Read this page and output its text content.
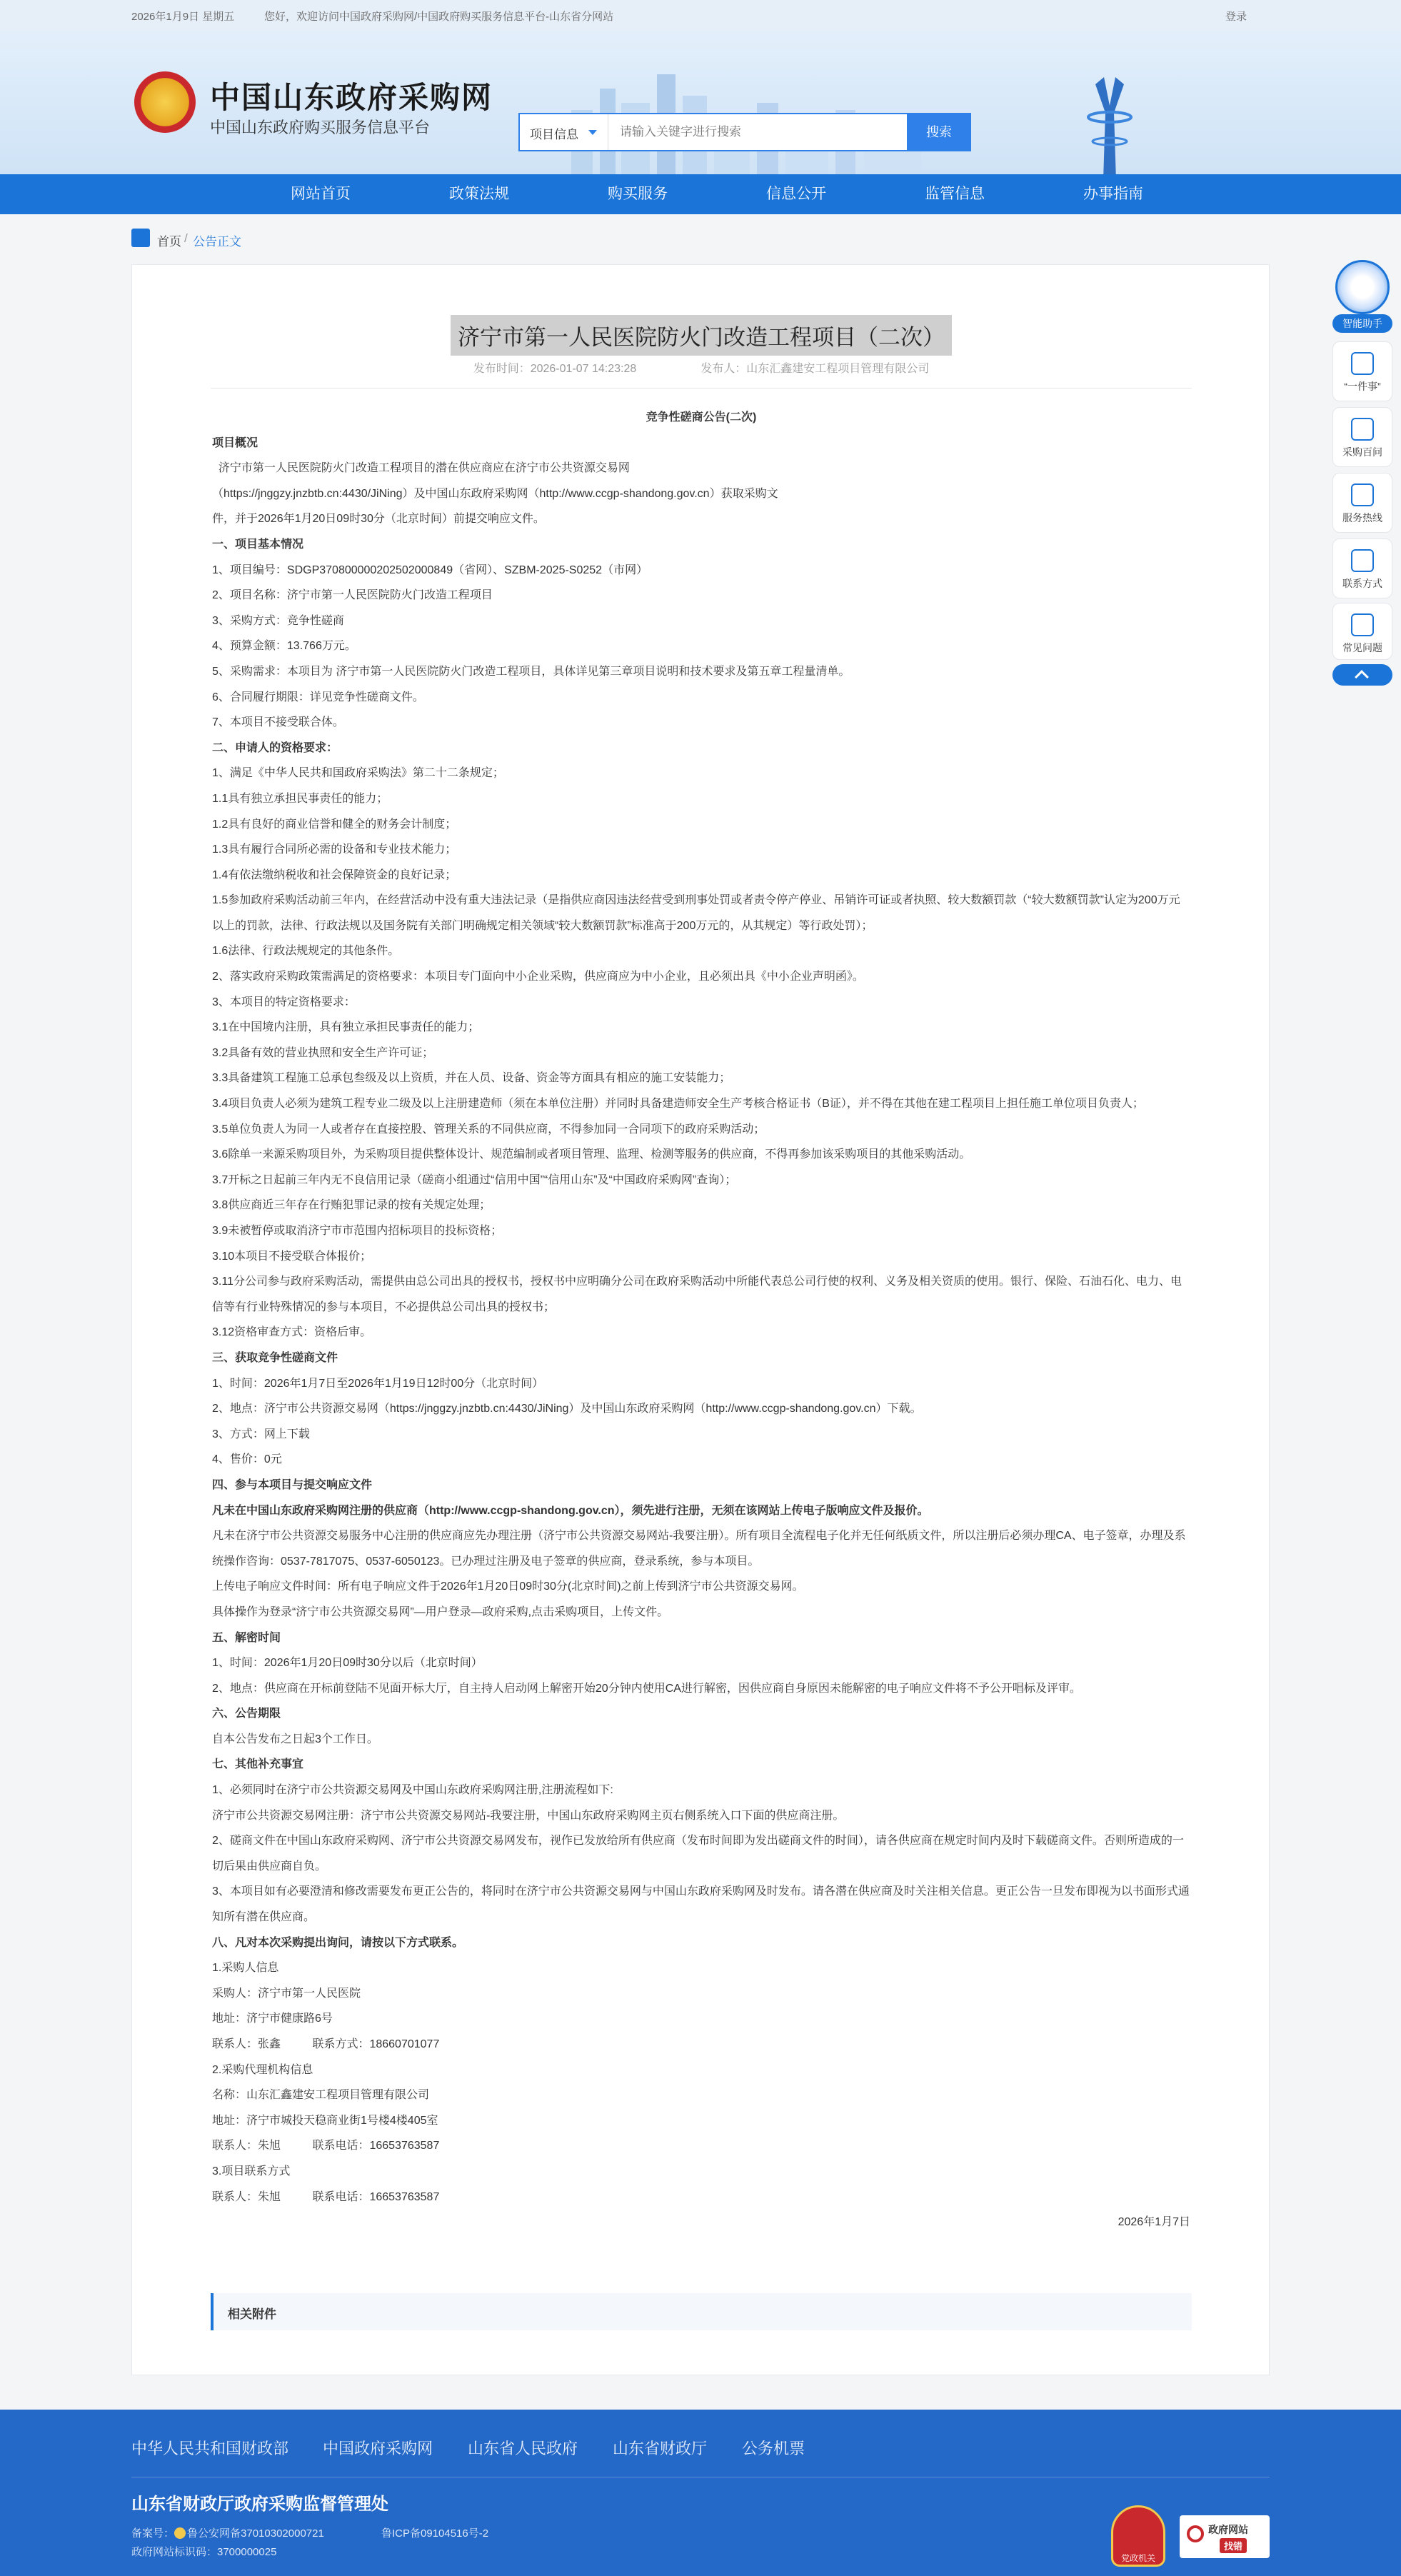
2026年1月9日 星期五	您好，欢迎访问中国政府采购网/中国政府购买服务信息平台-山东省分网站	登录
中国山东政府采购网
中国山东政府购买服务信息平台	项目信息
请输入关键字进行搜索	搜索
网站首页	政策法规	购买服务	信息公开	监管信息	办事指南
首页 / 公告正文
济宁市第一人民医院防火门改造工程项目（二次）
发布时间：2026-01-07 14:23:28	发布人：山东汇鑫建安工程项目管理有限公司

竞争性磋商公告(二次)

项目概况

济宁市第一人民医院防火门改造工程项目的潜在供应商应在济宁市公共资源交易网

（https://jnggzy.jnzbtb.cn:4430/JiNing）及中国山东政府采购网（http://www.ccgp-shandong.gov.cn）获取采购文

件，并于2026年1月20日09时30分（北京时间）前提交响应文件。

一、项目基本情况

1、项目编号：SDGP370800000202502000849（省网）、SZBM-2025-S0252（市网）

2、项目名称：济宁市第一人民医院防火门改造工程项目

3、采购方式：竞争性磋商

4、预算金额：13.766万元。

5、采购需求：本项目为 济宁市第一人民医院防火门改造工程项目，具体详见第三章项目说明和技术要求及第五章工程量清单。

6、合同履行期限：详见竞争性磋商文件。

7、本项目不接受联合体。

二、申请人的资格要求：

1、满足《中华人民共和国政府采购法》第二十二条规定；

1.1具有独立承担民事责任的能力；

1.2具有良好的商业信誉和健全的财务会计制度；

1.3具有履行合同所必需的设备和专业技术能力；

1.4有依法缴纳税收和社会保障资金的良好记录；

1.5参加政府采购活动前三年内，在经营活动中没有重大违法记录（是指供应商因违法经营受到刑事处罚或者责令停产停业、吊销许可证或者执照、较大数额罚款（“较大数额罚款”认定为200万元以上的罚款，法律、行政法规以及国务院有关部门明确规定相关领域“较大数额罚款”标准高于200万元的，从其规定）等行政处罚）；

1.6法律、行政法规规定的其他条件。

2、落实政府采购政策需满足的资格要求：本项目专门面向中小企业采购，供应商应为中小企业，且必须出具《中小企业声明函》。

3、本项目的特定资格要求：

3.1在中国境内注册，具有独立承担民事责任的能力；

3.2具备有效的营业执照和安全生产许可证；

3.3具备建筑工程施工总承包叁级及以上资质，并在人员、设备、资金等方面具有相应的施工安装能力；

3.4项目负责人必须为建筑工程专业二级及以上注册建造师（须在本单位注册）并同时具备建造师安全生产考核合格证书（B证），并不得在其他在建工程项目上担任施工单位项目负责人；

3.5单位负责人为同一人或者存在直接控股、管理关系的不同供应商，不得参加同一合同项下的政府采购活动；

3.6除单一来源采购项目外，为采购项目提供整体设计、规范编制或者项目管理、监理、检测等服务的供应商，不得再参加该采购项目的其他采购活动。

3.7开标之日起前三年内无不良信用记录（磋商小组通过“信用中国”“信用山东”及“中国政府采购网”查询）；

3.8供应商近三年存在行贿犯罪记录的按有关规定处理；

3.9未被暂停或取消济宁市市范围内招标项目的投标资格；

3.10本项目不接受联合体报价；

3.11分公司参与政府采购活动，需提供由总公司出具的授权书，授权书中应明确分公司在政府采购活动中所能代表总公司行使的权利、义务及相关资质的使用。银行、保险、石油石化、电力、电信等有行业特殊情况的参与本项目，不必提供总公司出具的授权书；

3.12资格审查方式：资格后审。

三、获取竞争性磋商文件

1、时间：2026年1月7日至2026年1月19日12时00分（北京时间）

2、地点：济宁市公共资源交易网（https://jnggzy.jnzbtb.cn:4430/JiNing）及中国山东政府采购网（http://www.ccgp-shandong.gov.cn）下载。

3、方式：网上下载

4、售价：0元

四、参与本项目与提交响应文件

凡未在中国山东政府采购网注册的供应商（http://www.ccgp-shandong.gov.cn），须先进行注册，无须在该网站上传电子版响应文件及报价。

凡未在济宁市公共资源交易服务中心注册的供应商应先办理注册（济宁市公共资源交易网站-我要注册）。所有项目全流程电子化并无任何纸质文件，所以注册后必须办理CA、电子签章，办理及系统操作咨询：0537-7817075、0537-6050123。已办理过注册及电子签章的供应商，登录系统，参与本项目。

上传电子响应文件时间：所有电子响应文件于2026年1月20日09时30分(北京时间)之前上传到济宁市公共资源交易网。

具体操作为登录“济宁市公共资源交易网”—用户登录—政府采购,点击采购项目，上传文件。

五、解密时间

1、时间：2026年1月20日09时30分以后（北京时间）

2、地点：供应商在开标前登陆不见面开标大厅，自主持人启动网上解密开始20分钟内使用CA进行解密，因供应商自身原因未能解密的电子响应文件将不予公开唱标及评审。

六、公告期限

自本公告发布之日起3个工作日。

七、其他补充事宜

1、必须同时在济宁市公共资源交易网及中国山东政府采购网注册,注册流程如下:

济宁市公共资源交易网注册：济宁市公共资源交易网站-我要注册，中国山东政府采购网主页右侧系统入口下面的供应商注册。

2、磋商文件在中国山东政府采购网、济宁市公共资源交易网发布，视作已发放给所有供应商（发布时间即为发出磋商文件的时间），请各供应商在规定时间内及时下载磋商文件。否则所造成的一切后果由供应商自负。

3、本项目如有必要澄清和修改需要发布更正公告的，将同时在济宁市公共资源交易网与中国山东政府采购网及时发布。请各潜在供应商及时关注相关信息。更正公告一旦发布即视为以书面形式通知所有潜在供应商。

八、凡对本次采购提出询问，请按以下方式联系。

1.采购人信息

采购人：济宁市第一人民医院

地址：济宁市健康路6号

联系人：张鑫          联系方式：18660701077

2.采购代理机构信息

名称：山东汇鑫建安工程项目管理有限公司

地址：济宁市城投天稳商业街1号楼4楼405室

联系人：朱旭          联系电话：16653763587

3.项目联系方式

联系人：朱旭          联系电话：16653763587

2026年1月7日

相关附件
智能助手
“一件事”
采购百问
服务热线
联系方式
常见问题
中华人民共和国财政部 中国政府采购网 山东省人民政府 山东省财政厅 公务机票
山东省财政厅政府采购监督管理处
备案号： 鲁公安网备37010302000721	鲁ICP备09104516号-2
政府网站标识码：3700000025	党政机关
政府网站
找错
